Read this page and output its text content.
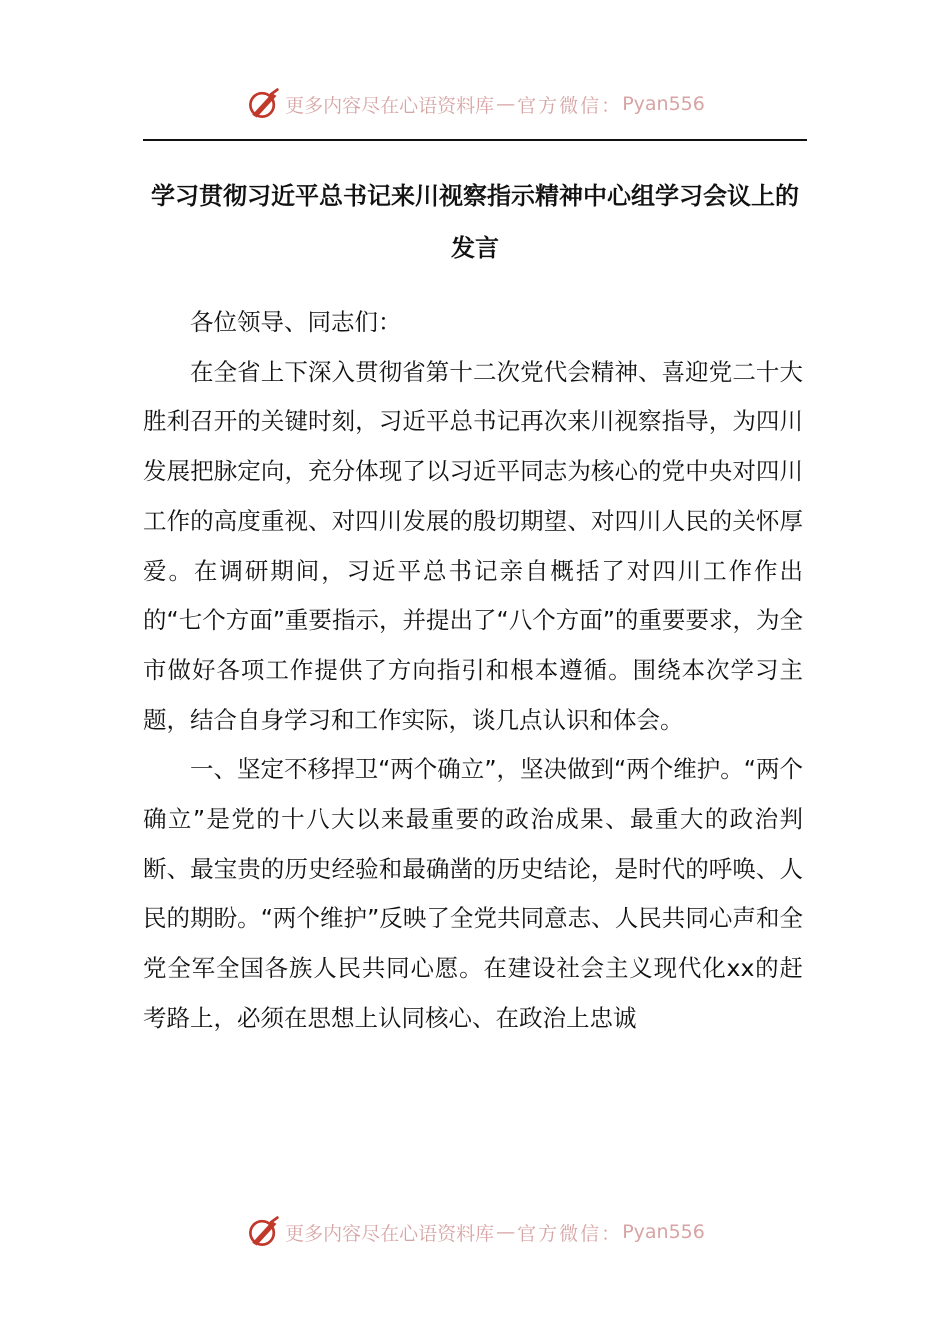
更多内容尽在心语资料库 — 官方微信： Pyan556
学习贯彻习近平总书记来川视察指示精神中心组学习会议上的发言

各位领导、同志们：

在全省上下深入贯彻省第十二次党代会精神、喜迎党二十大胜利召开的关键时刻，习近平总书记再次来川视察指导，为四川发展把脉定向，充分体现了以习近平同志为核心的党中央对四川工作的高度重视、对四川发展的殷切期望、对四川人民的关怀厚爱。在调研期间，习近平总书记亲自概括了对四川工作作出的“七个方面”重要指示，并提出了“八个方面”的重要要求，为全市做好各项工作提供了方向指引和根本遵循。围绕本次学习主题，结合自身学习和工作实际，谈几点认识和体会。

一、坚定不移捍卫“两个确立”，坚决做到“两个维护。“两个确立”是党的十八大以来最重要的政治成果、最重大的政治判断、最宝贵的历史经验和最确凿的历史结论，是时代的呼唤、人民的期盼。“两个维护”反映了全党共同意志、人民共同心声和全党全军全国各族人民共同心愿。在建设社会主义现代化xx的赶考路上，必须在思想上认同核心、在政治上忠诚

更多内容尽在心语资料库 — 官方微信： Pyan556
